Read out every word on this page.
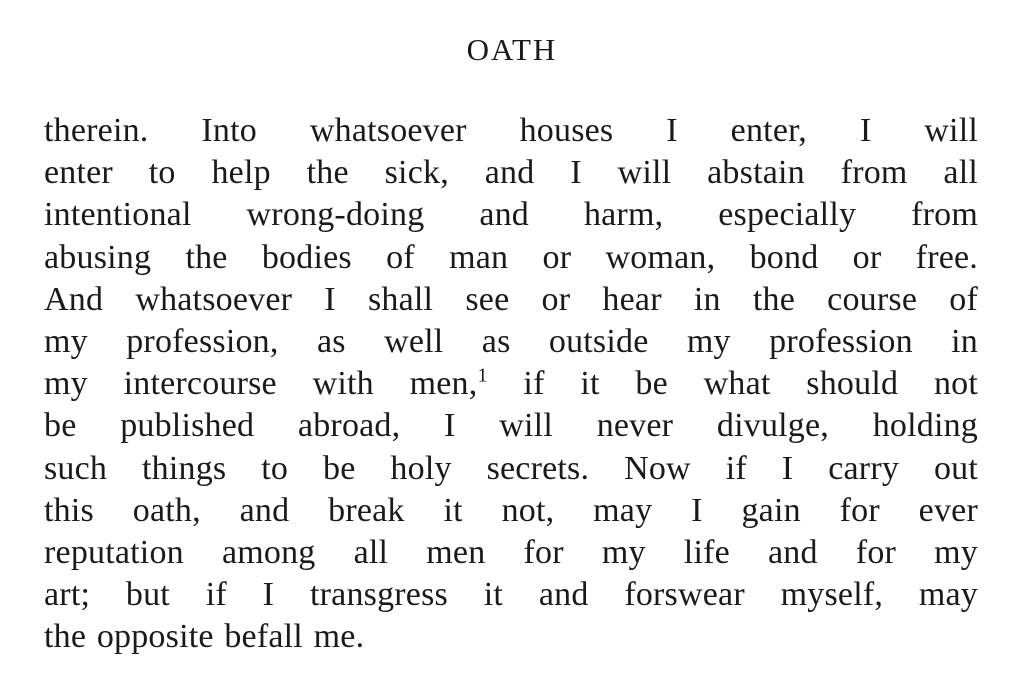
OATH
therein. Into whatsoever houses I enter, I will
enter to help the sick, and I will abstain from all
intentional wrong-doing and harm, especially from
abusing the bodies of man or woman, bond or free.
And whatsoever I shall see or hear in the course of
my profession, as well as outside my profession in
my intercourse with men,$^1$ if it be what should not
be published abroad, I will never divulge, holding
such things to be holy secrets. Now if I carry out
this oath, and break it not, may I gain for ever
reputation among all men for my life and for my
art; but if I transgress it and forswear myself, may
the opposite befall me.
